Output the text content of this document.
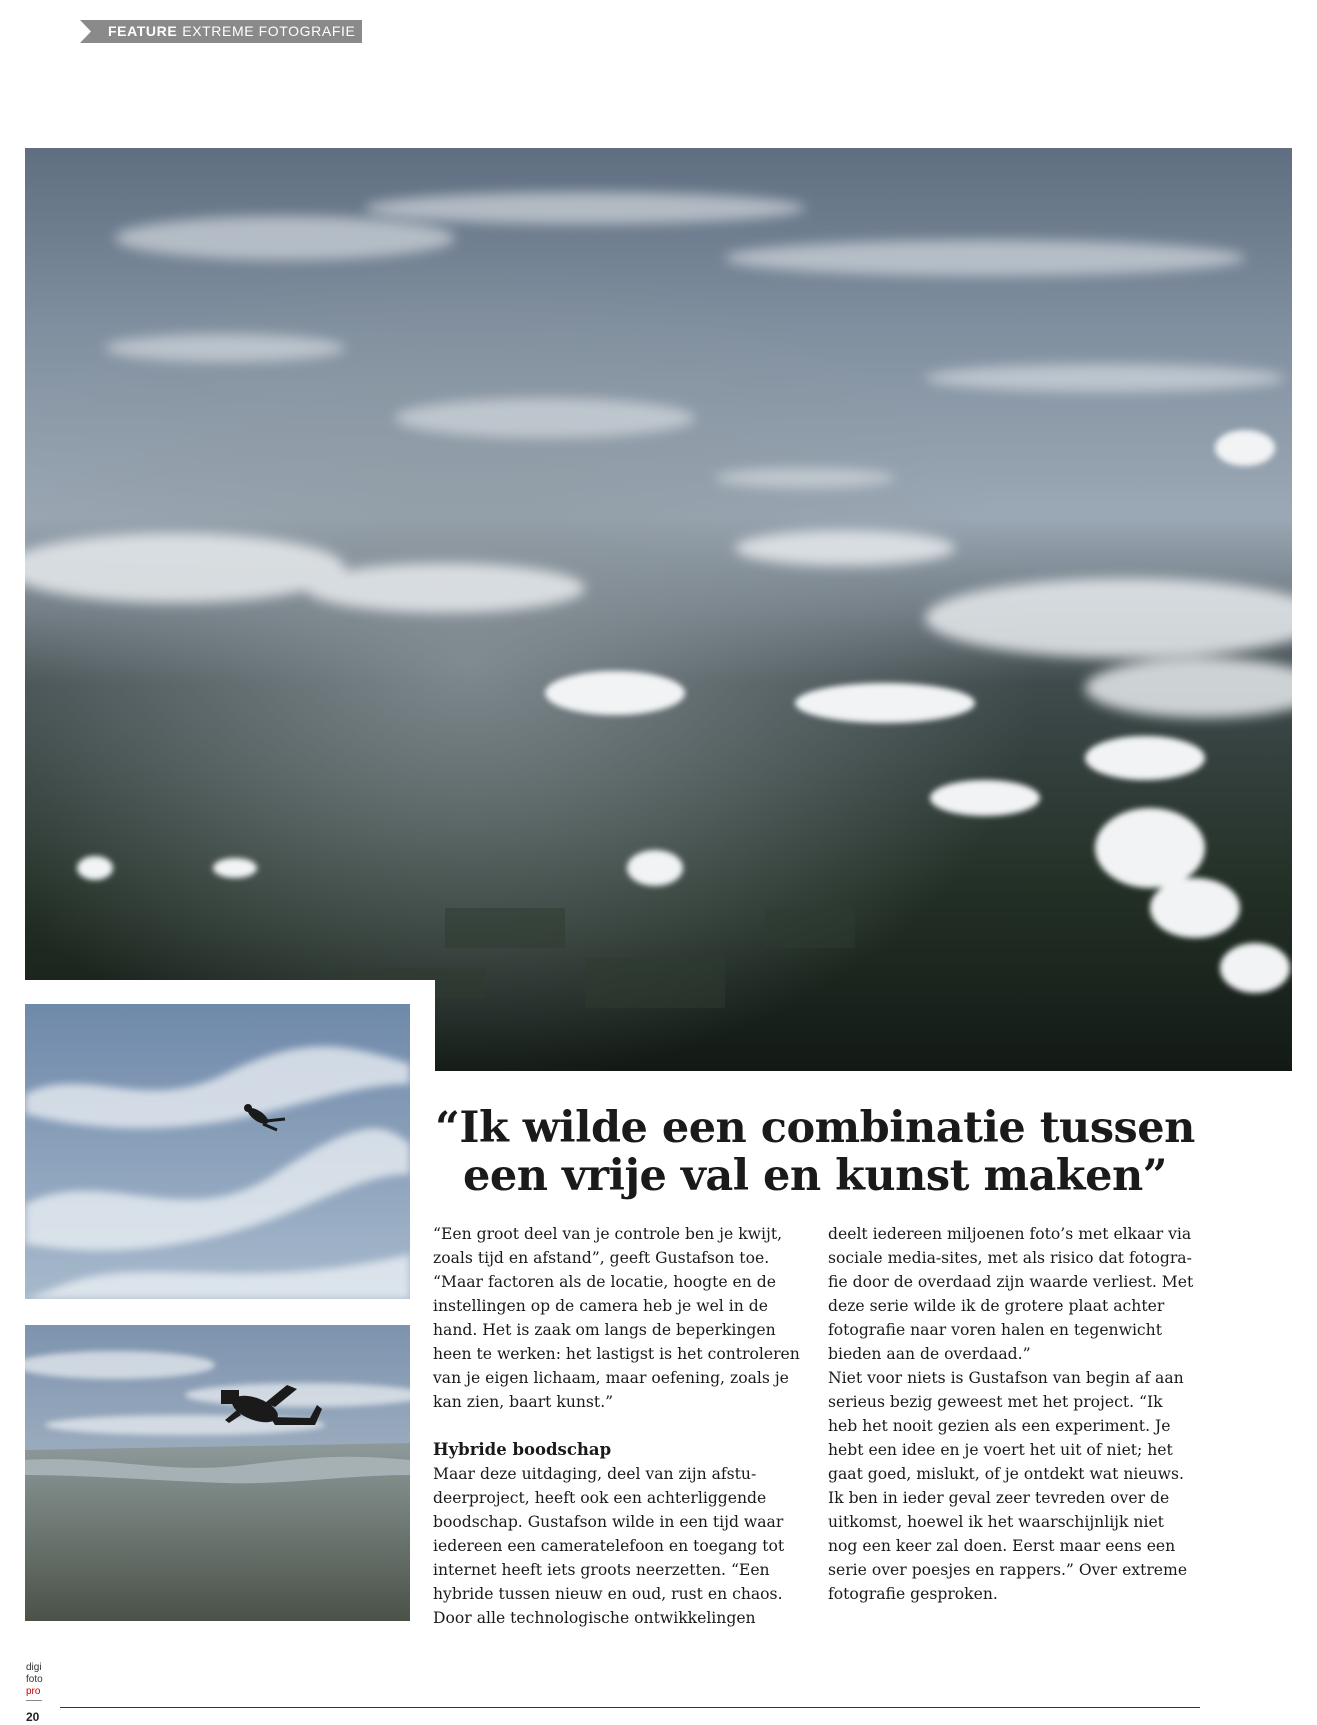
FEATURE EXTREME FOTOGRAFIE
“Ik wilde een combinatie tussen
een vrije val en kunst maken”

“Een groot deel van je controle ben je kwijt,

zoals tijd en afstand”, geeft Gustafson toe.

“Maar factoren als de locatie, hoogte en de

instellingen op de camera heb je wel in de

hand. Het is zaak om langs de beperkingen

heen te werken: het lastigst is het controleren

van je eigen lichaam, maar oefening, zoals je

kan zien, baart kunst.”

Hybride boodschap

Maar deze uitdaging, deel van zijn afstu-

deerproject, heeft ook een achterliggende

boodschap. Gustafson wilde in een tijd waar

iedereen een cameratelefoon en toegang tot

internet heeft iets groots neerzetten. “Een

hybride tussen nieuw en oud, rust en chaos.

Door alle technologische ontwikkelingen

deelt iedereen miljoenen foto’s met elkaar via

sociale media-sites, met als risico dat fotogra-

fie door de overdaad zijn waarde verliest. Met

deze serie wilde ik de grotere plaat achter

fotografie naar voren halen en tegenwicht

bieden aan de overdaad.”

Niet voor niets is Gustafson van begin af aan

serieus bezig geweest met het project. “Ik

heb het nooit gezien als een experiment. Je

hebt een idee en je voert het uit of niet; het

gaat goed, mislukt, of je ontdekt wat nieuws.

Ik ben in ieder geval zeer tevreden over de

uitkomst, hoewel ik het waarschijnlijk niet

nog een keer zal doen. Eerst maar eens een

serie over poesjes en rappers.” Over extreme

fotografie gesproken.

digi
foto
pro
20
